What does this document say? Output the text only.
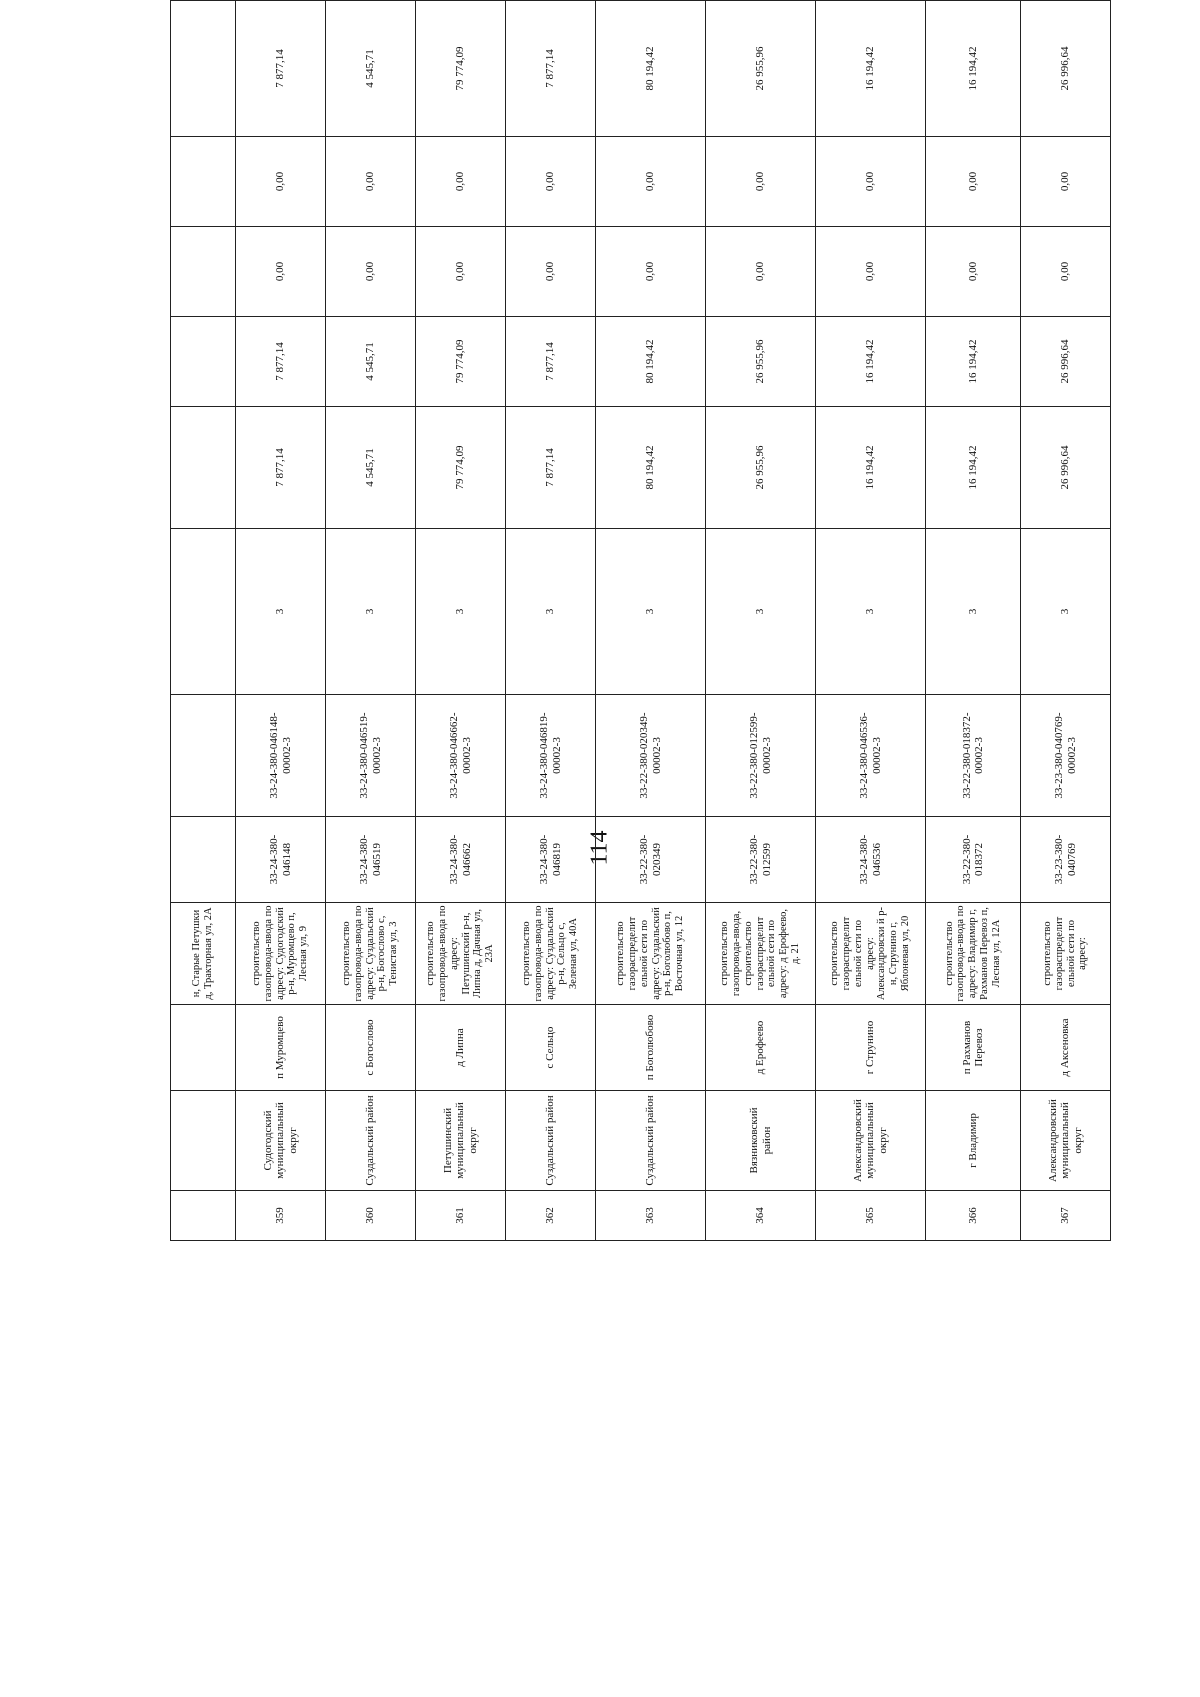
114
			н, Старые Петушки д, Тракторная ул, 2А									
359	Судогодский муниципальный округ	п Муромцево	строительство газопровода-ввода по адресу: Судогодский р-н, Муромцево п, Лесная ул, 9	33-24-380-046148	33-24-380-046148-00002-3	3	7 877,14	7 877,14	0,00	0,00	7 877,14	
360	Суздальский район	с Богослово	строительство газопровода-ввода по адресу: Суздальский р-н, Богослово с, Тенистая ул, 3	33-24-380-046519	33-24-380-046519-00002-3	3	4 545,71	4 545,71	0,00	0,00	4 545,71	
361	Петушинский муниципальный округ	д Липна	строительство газопровода-ввода по адресу: Петушинский р-н, Липна д, Дачная ул, 23А	33-24-380-046662	33-24-380-046662-00002-3	3	79 774,09	79 774,09	0,00	0,00	79 774,09	
362	Суздальский район	с Сельцо	строительство газопровода-ввода по адресу: Суздальский р-н, Сельцо с, Зеленая ул, 40А	33-24-380-046819	33-24-380-046819-00002-3	3	7 877,14	7 877,14	0,00	0,00	7 877,14	
363	Суздальский район	п Боголюбово	строительство газораспределит ельной сети по адресу: Суздальский р-н, Боголюбово п, Восточная ул, 12	33-22-380-020349	33-22-380-020349-00002-3	3	80 194,42	80 194,42	0,00	0,00	80 194,42	
364	Вязниковский район	д Ерофеево	строительство газопровода-ввода, строительство газораспределит ельной сети по адресу: д Ерофеево, д. 21	33-22-380-012599	33-22-380-012599-00002-3	3	26 955,96	26 955,96	0,00	0,00	26 955,96	
365	Александровский муниципальный округ	г Струнино	строительство газораспределит ельной сети по адресу: Александровски й р-н, Струнино г, Яблоневая ул, 20	33-24-380-046536	33-24-380-046536-00002-3	3	16 194,42	16 194,42	0,00	0,00	16 194,42	
366	г Владимир	п Рахманов Перевоз	строительство газопровода-ввода по адресу: Владимир г, Рахманов Перевоз п, Лесная ул, 12А	33-22-380-018372	33-22-380-018372-00002-3	3	16 194,42	16 194,42	0,00	0,00	16 194,42	
367	Александровский муниципальный округ	д Аксеновка	строительство газораспределит ельной сети по адресу:	33-23-380-040769	33-23-380-040769-00002-3	3	26 996,64	26 996,64	0,00	0,00	26 996,64	
